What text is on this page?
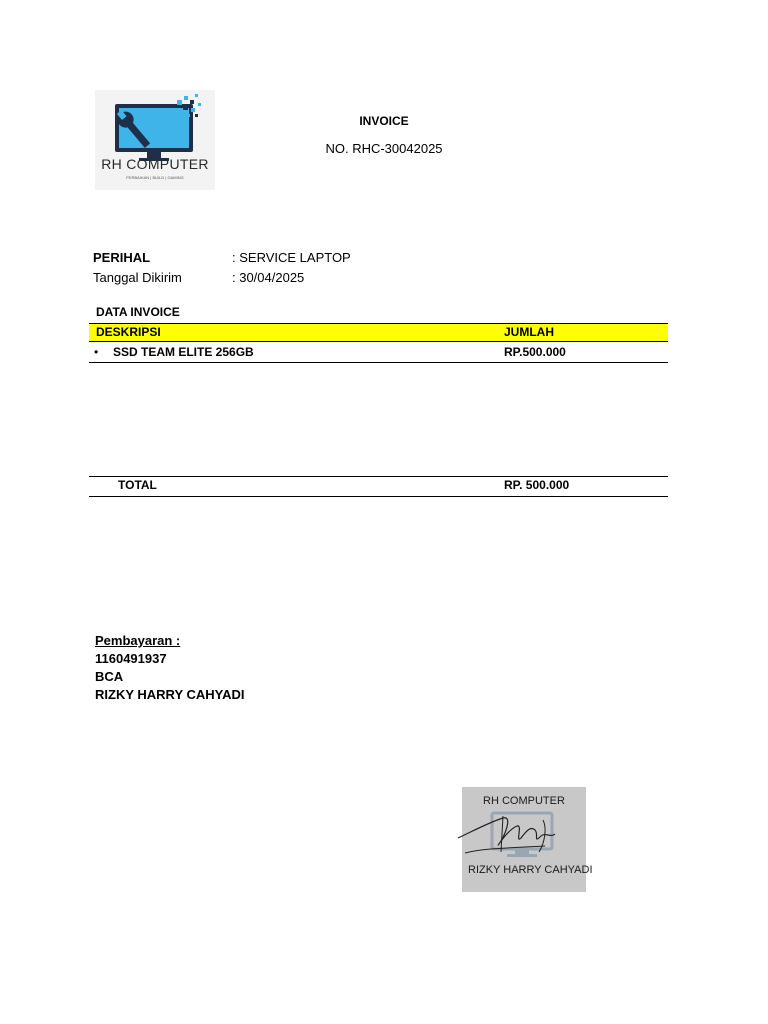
RH COMPUTER
PERBAIKAN | BUILD | GAMING
INVOICE
NO. RHC-30042025
PERIHAL	: SERVICE LAPTOP
Tanggal Dikirim	: 30/04/2025
DATA INVOICE
DESKRIPSI	JUMLAH
• SSD TEAM ELITE 256GB	RP.500.000
TOTAL	RP. 500.000
Pembayaran :
1160491937
BCA
RIZKY HARRY CAHYADI
RH COMPUTER
RIZKY HARRY CAHYADI
